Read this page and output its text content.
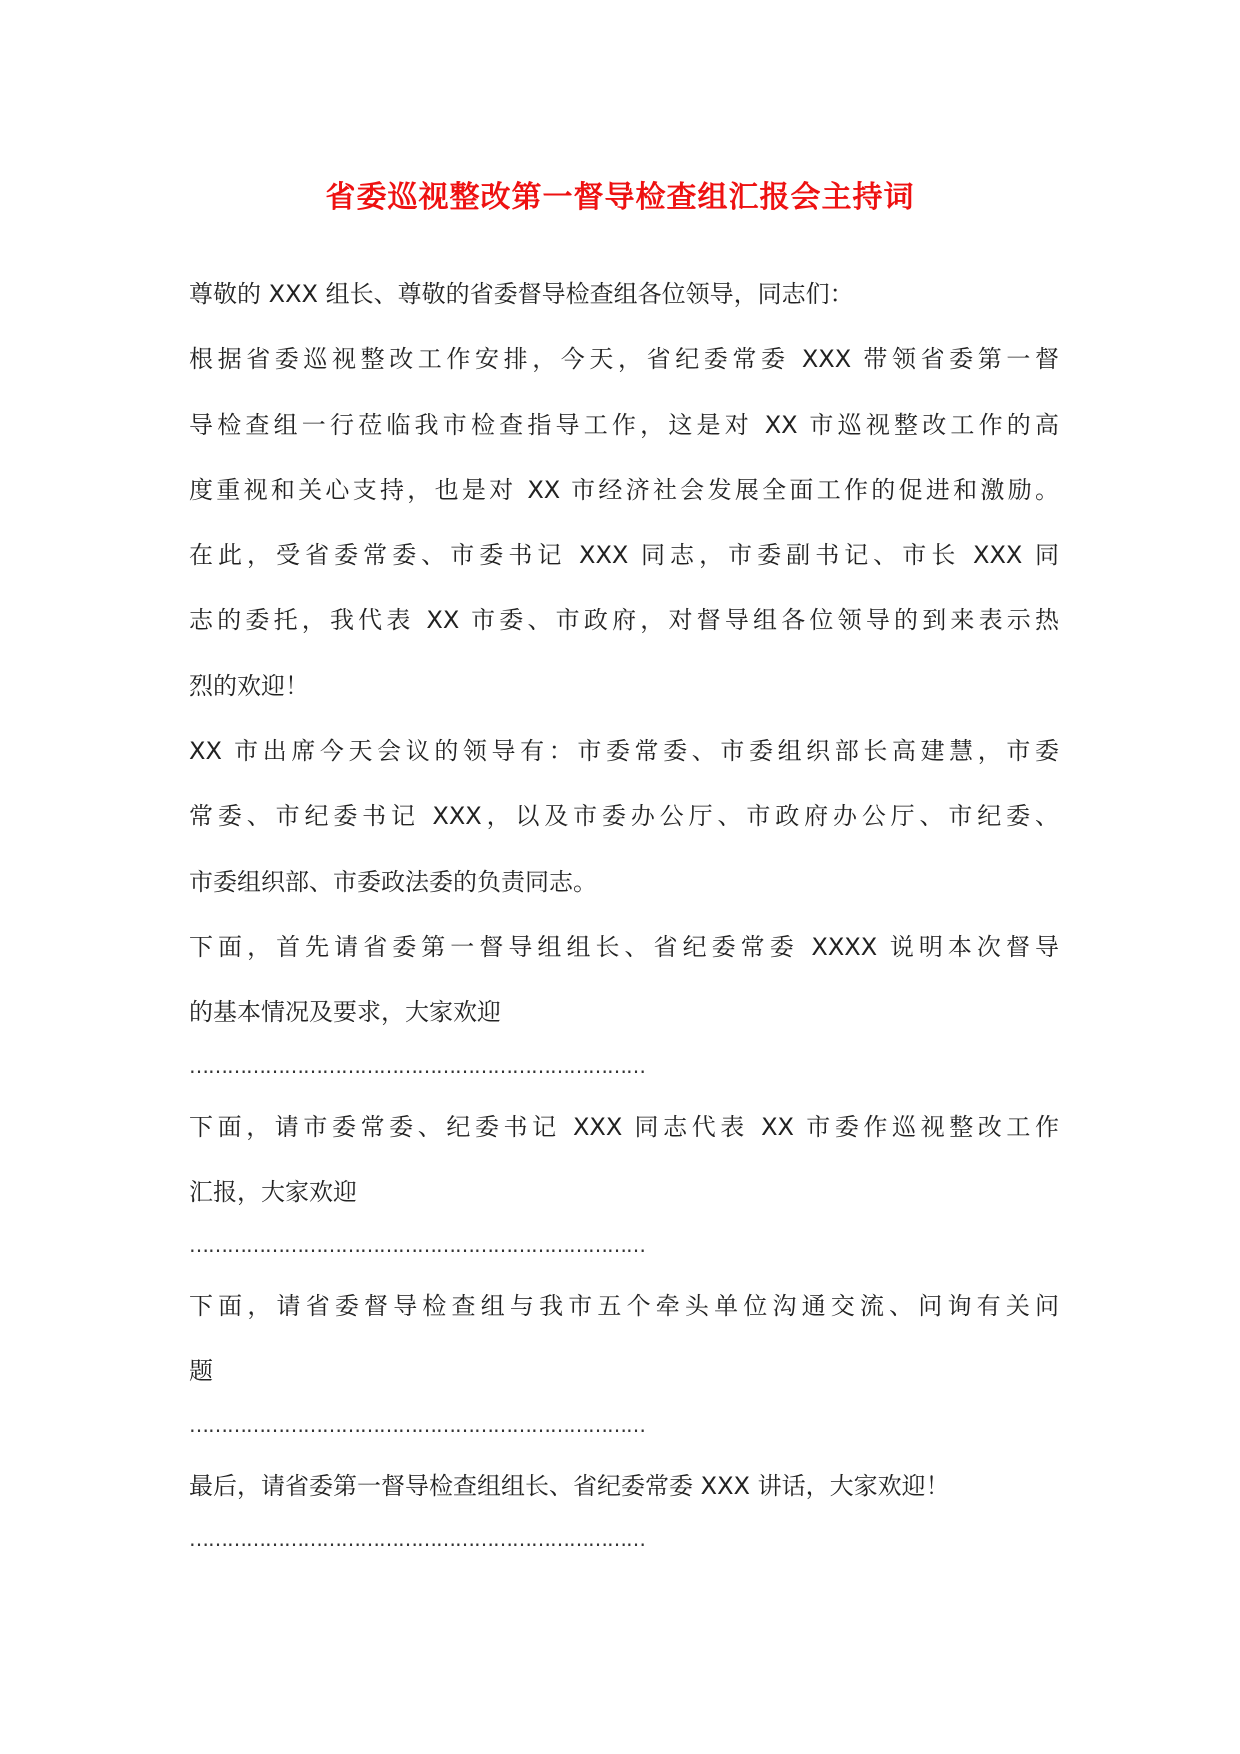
省委巡视整改第一督导检查组汇报会主持词
尊敬的 XXX 组长、尊敬的省委督导检查组各位领导，同志们：
根据省委巡视整改工作安排，今天，省纪委常委 XXX 带领省委第一督
导检查组一行莅临我市检查指导工作，这是对 XX 市巡视整改工作的高
度重视和关心支持，也是对 XX 市经济社会发展全面工作的促进和激励。
在此，受省委常委、市委书记 XXX 同志，市委副书记、市长 XXX 同
志的委托，我代表 XX 市委、市政府，对督导组各位领导的到来表示热
烈的欢迎！
XX 市出席今天会议的领导有：市委常委、市委组织部长高建慧，市委
常委、市纪委书记 XXX，以及市委办公厅、市政府办公厅、市纪委、
市委组织部、市委政法委的负责同志。
下面，首先请省委第一督导组组长、省纪委常委 XXXX 说明本次督导
的基本情况及要求，大家欢迎
………………………………………………………………
下面，请市委常委、纪委书记 XXX 同志代表 XX 市委作巡视整改工作
汇报，大家欢迎
………………………………………………………………
下面，请省委督导检查组与我市五个牵头单位沟通交流、问询有关问
题
………………………………………………………………
最后，请省委第一督导检查组组长、省纪委常委 XXX 讲话，大家欢迎！
………………………………………………………………
